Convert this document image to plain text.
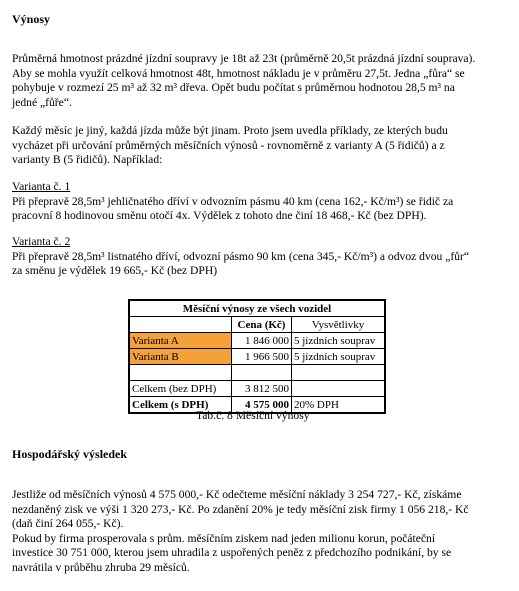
Výnosy
Průměrná hmotnost prázdné jízdní soupravy je 18t až 23t (průměrně 20,5t prázdná jízdní souprava).
Aby se mohla využít celková hmotnost 48t, hmotnost nákladu je v průměru 27,5t. Jedna „fůra“ se
pohybuje v rozmezí 25 m³ až 32 m³ dřeva. Opět budu počítat s průměrnou hodnotou 28,5 m³ na
jedné „fůře“.
Každý měsíc je jiný, každá jízda může být jinam. Proto jsem uvedla příklady, ze kterých budu
vycházet při určování průměrných měsíčních výnosů - rovnoměrně z varianty A (5 řidičů) a z
varianty B (5 řidičů). Například:
Varianta č. 1
Při přepravě 28,5m³ jehličnatého dříví v odvozním pásmu 40 km (cena 162,- Kč/m³) se řidič za
pracovní 8 hodinovou směnu otočí 4x. Výdělek z tohoto dne činí 18 468,- Kč (bez DPH).
Varianta č. 2
Při přepravě 28,5m³ listnatého dříví, odvozní pásmo 90 km (cena 345,- Kč/m³) a odvoz dvou „fůr“
za směnu je výdělek 19 665,- Kč (bez DPH)
Měsíční výnosy ze všech vozidel		
	Cena (Kč)	Vysvětlivky
Varianta A	1 846 000	5 jízdních souprav
Varianta B	1 966 500	5 jízdních souprav

Celkem (bez DPH)	3 812 500	
Celkem (s DPH)	4 575 000	20% DPH
Tab.č. 8 Měsíční výnosy
Hospodářský výsledek
Jestliže od měsíčních výnosů 4 575 000,- Kč odečteme měsíční náklady 3 254 727,- Kč, získáme
nezdaněný zisk ve výši 1 320 273,- Kč. Po zdanění 20% je tedy měsíční zisk firmy 1 056 218,- Kč
(daň činí 264 055,- Kč).
Pokud by firma prosperovala s prům. měsíčním ziskem nad jeden milionu korun, počáteční
investice 30 751 000, kterou jsem uhradila z uspořených peněz z předchozího podnikání, by se
navrátila v průběhu zhruba 29 měsíců.
